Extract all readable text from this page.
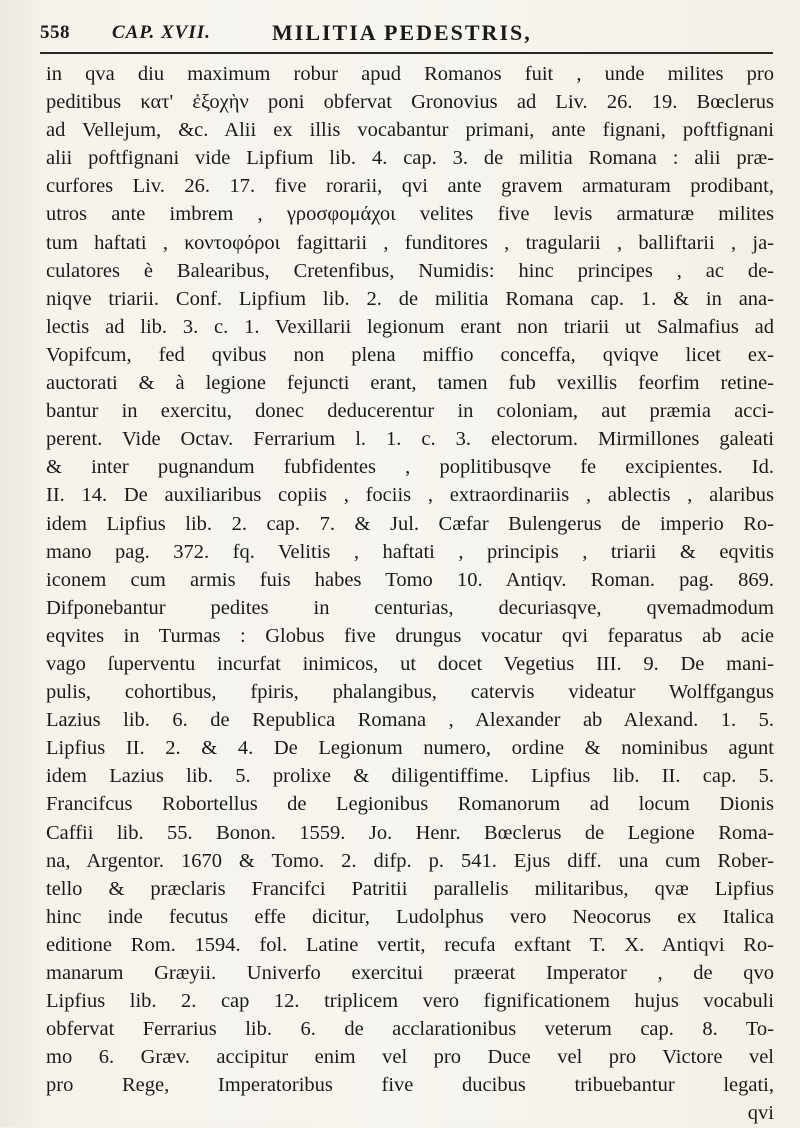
558 CAP. XVII.	MILITIA PEDESTRIS,
in qva diu maximum robur apud Romanos fuit , unde milites pro
peditibus κατ' ἐξοχὴν poni obfervat Gronovius ad Liv. 26. 19. Bœclerus
ad Vellejum, &c. Alii ex illis vocabantur primani, ante fignani, poftfignani
alii poftfignani vide Lipfium lib. 4. cap. 3. de militia Romana : alii præ-
curfores Liv. 26. 17. five rorarii, qvi ante gravem armaturam prodibant,
utros ante imbrem , γροσφομάχοι velites five levis armaturæ milites
tum haftati , κοντοφόροι fagittarii , funditores , tragularii , balliftarii , ja-
culatores è Balearibus, Cretenfibus, Numidis: hinc principes , ac de-
niqve triarii. Conf. Lipfium lib. 2. de militia Romana cap. 1. & in ana-
lectis ad lib. 3. c. 1. Vexillarii legionum erant non triarii ut Salmafius ad
Vopifcum, fed qvibus non plena miffio conceffa, qviqve licet ex-
auctorati & à legione fejuncti erant, tamen fub vexillis feorfim retine-
bantur in exercitu, donec deducerentur in coloniam, aut præmia acci-
perent. Vide Octav. Ferrarium l. 1. c. 3. electorum. Mirmillones galeati
& inter pugnandum fubfidentes , poplitibusqve fe excipientes. Id.
II. 14. De auxiliaribus copiis , fociis , extraordinariis , ablectis , alaribus
idem Lipfius lib. 2. cap. 7. & Jul. Cæfar Bulengerus de imperio Ro-
mano pag. 372. fq. Velitis , haftati , principis , triarii & eqvitis
iconem cum armis fuis habes Tomo 10. Antiqv. Roman. pag. 869.
Difponebantur pedites in centurias, decuriasqve, qvemadmodum
eqvites in Turmas : Globus five drungus vocatur qvi feparatus ab acie
vago ſuperventu incurfat inimicos, ut docet Vegetius III. 9. De mani-
pulis, cohortibus, fpiris, phalangibus, catervis videatur Wolffgangus
Lazius lib. 6. de Republica Romana , Alexander ab Alexand. 1. 5.
Lipfius II. 2. & 4. De Legionum numero, ordine & nominibus agunt
idem Lazius lib. 5. prolixe & diligentiffime. Lipfius lib. II. cap. 5.
Francifcus Robortellus de Legionibus Romanorum ad locum Dionis
Caffii lib. 55. Bonon. 1559. Jo. Henr. Bœclerus de Legione Roma-
na, Argentor. 1670 & Tomo. 2. difp. p. 541. Ejus diff. una cum Rober-
tello & præclaris Francifci Patritii parallelis militaribus, qvæ Lipfius
hinc inde fecutus effe dicitur, Ludolphus vero Neocorus ex Italica
editione Rom. 1594. fol. Latine vertit, recufa exftant T. X. Antiqvi Ro-
manarum Græyii. Univerfo exercitui præerat Imperator , de qvo
Lipfius lib. 2. cap 12. triplicem vero fignificationem hujus vocabuli
obfervat Ferrarius lib. 6. de acclarationibus veterum cap. 8. To-
mo 6. Græv. accipitur enim vel pro Duce vel pro Victore vel
pro Rege, Imperatoribus five ducibus tribuebantur legati,
qvi
